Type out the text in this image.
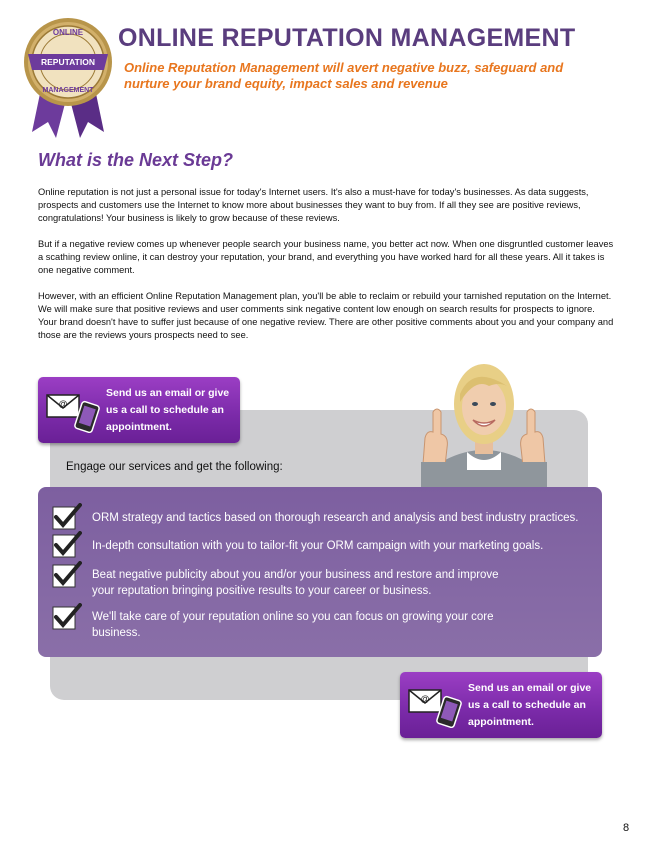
ONLINE
REPUTATION
MANAGEMENT
ONLINE REPUTATION MANAGEMENT
Online Reputation Management will avert negative buzz, safeguard and nurture your brand equity, impact sales and revenue
What is the Next Step?
Online reputation is not just a personal issue for today's Internet users. It's also a must-have for today's businesses. As data suggests, prospects and customers use the Internet to know more about businesses they want to buy from. If all they see are positive reviews, congratulations! Your business is likely to grow because of these reviews.
But if a negative review comes up whenever people search your business name, you better act now. When one disgruntled customer leaves a scathing review online, it can destroy your reputation, your brand, and everything you have worked hard for all these years. All it takes is one negative comment.
However, with an efficient Online Reputation Management plan, you'll be able to reclaim or rebuild your tarnished reputation on the Internet. We will make sure that positive reviews and user comments sink negative content low enough on search results for prospects to ignore. Your brand doesn't have to suffer just because of one negative review. There are other positive comments about you and your company and those are the reviews yours prospects need to see.
@
Send us an email or give us a call to schedule an appointment.
Engage our services and get the following:
ORM strategy and tactics based on thorough research and analysis and best industry practices.
In-depth consultation with you to tailor-fit your ORM campaign with your marketing goals.
Beat negative publicity about you and/or your business and restore and improve your reputation bringing positive results to your career or business.
We'll take care of your reputation online so you can focus on growing your core business.
@
Send us an email or give us a call to schedule an appointment.
8
